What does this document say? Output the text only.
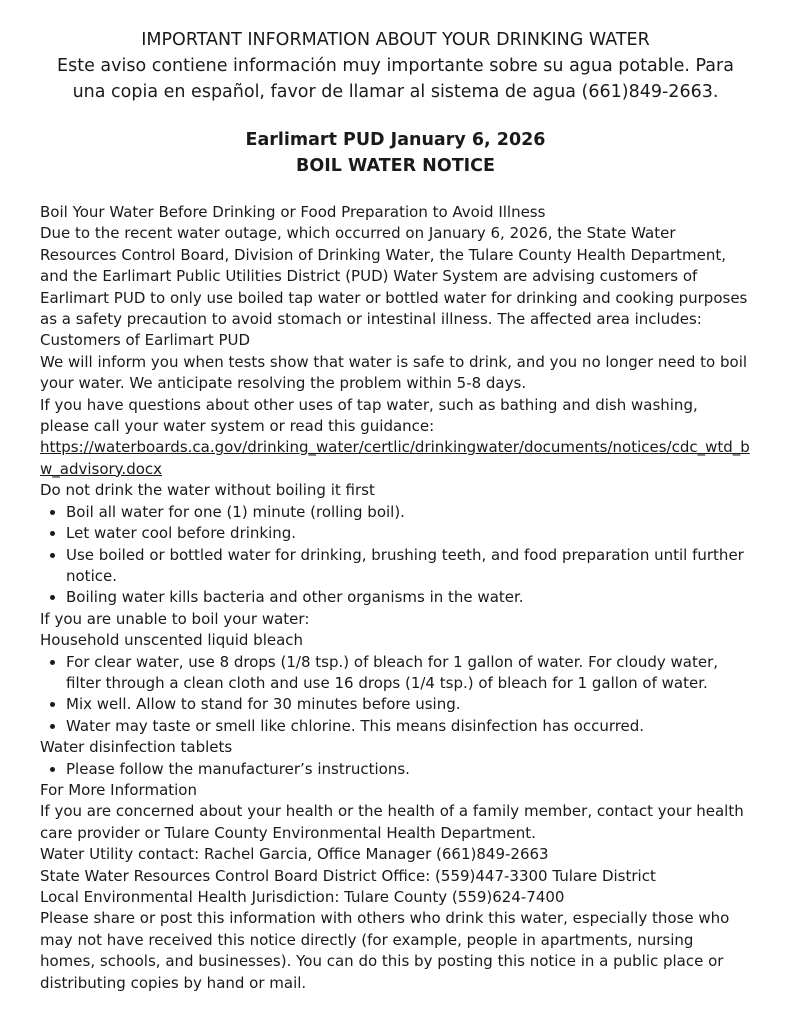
IMPORTANT INFORMATION ABOUT YOUR DRINKING WATER

Este aviso contiene información muy importante sobre su agua potable. Para una copia en español, favor de llamar al sistema de agua (661)849-2663.

Earlimart PUD January 6, 2026

BOIL WATER NOTICE

Boil Your Water Before Drinking or Food Preparation to Avoid Illness

Due to the recent water outage, which occurred on January 6, 2026, the State Water Resources Control Board, Division of Drinking Water, the Tulare County Health Department, and the Earlimart Public Utilities District (PUD) Water System are advising customers of Earlimart PUD to only use boiled tap water or bottled water for drinking and cooking purposes as a safety precaution to avoid stomach or intestinal illness. The affected area includes: Customers of Earlimart PUD

We will inform you when tests show that water is safe to drink, and you no longer need to boil your water. We anticipate resolving the problem within 5-8 days.

If you have questions about other uses of tap water, such as bathing and dish washing, please call your water system or read this guidance:

https://waterboards.ca.gov/drinking_water/certlic/drinkingwater/documents/notices/cdc_wtd_bw_advisory.docx

Do not drink the water without boiling it first

• Boil all water for one (1) minute (rolling boil).
• Let water cool before drinking.
• Use boiled or bottled water for drinking, brushing teeth, and food preparation until further notice.
• Boiling water kills bacteria and other organisms in the water.

If you are unable to boil your water:

Household unscented liquid bleach

• For clear water, use 8 drops (1/8 tsp.) of bleach for 1 gallon of water. For cloudy water, filter through a clean cloth and use 16 drops (1/4 tsp.) of bleach for 1 gallon of water.
• Mix well. Allow to stand for 30 minutes before using.
• Water may taste or smell like chlorine. This means disinfection has occurred.

Water disinfection tablets

• Please follow the manufacturer’s instructions.

For More Information

If you are concerned about your health or the health of a family member, contact your health care provider or Tulare County Environmental Health Department.

Water Utility contact: Rachel Garcia, Office Manager (661)849-2663

State Water Resources Control Board District Office: (559)447-3300 Tulare District

Local Environmental Health Jurisdiction: Tulare County (559)624-7400

Please share or post this information with others who drink this water, especially those who may not have received this notice directly (for example, people in apartments, nursing homes, schools, and businesses). You can do this by posting this notice in a public place or distributing copies by hand or mail.
